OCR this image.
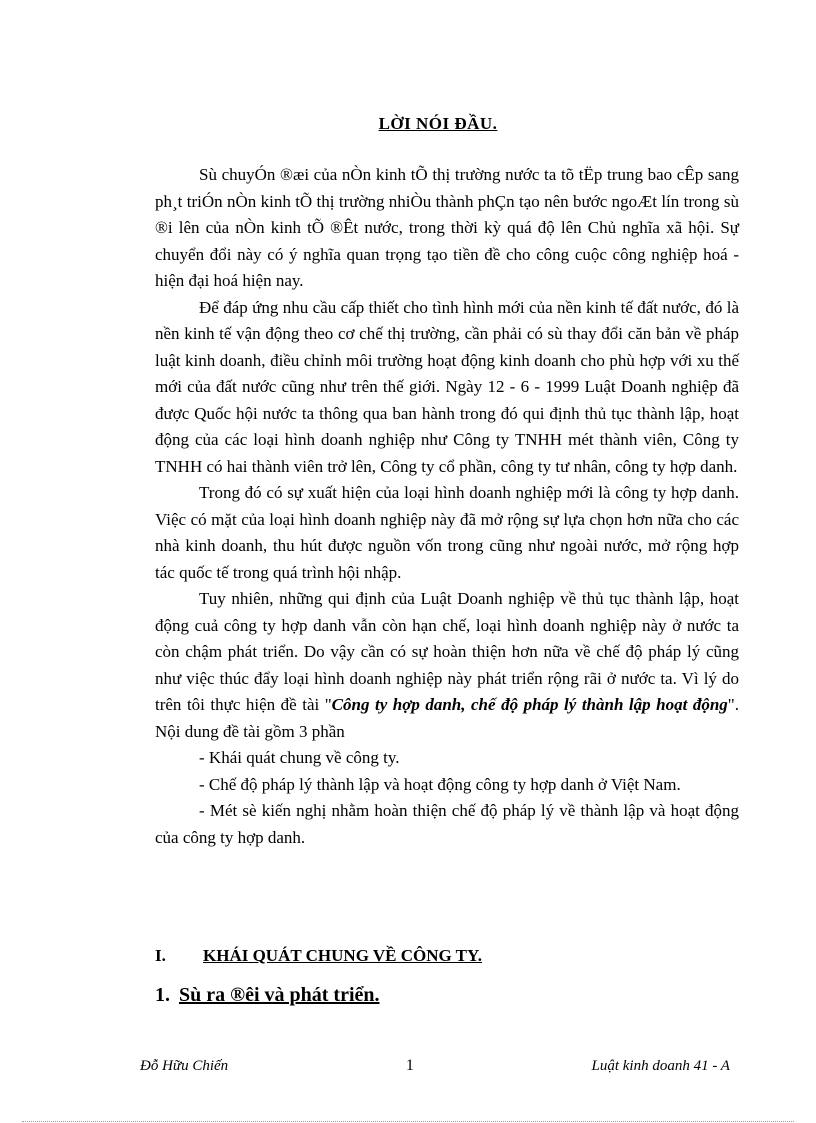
LỜI NÓI ĐẦU.

Sù chuyÓn ®æi của nÒn kinh tÕ thị trường nước ta tõ tËp trung bao cÊp sang ph¸t triÓn nÒn kinh tÕ thị trường nhiÒu thành phÇn tạo nên bước ngoÆt lín trong sù ®i lên của nÒn kinh tÕ ®Êt nước, trong thời kỳ quá độ lên Chủ nghĩa xã hội. Sự chuyển đổi này có ý nghĩa quan trọng tạo tiền đề cho công cuộc công nghiệp hoá - hiện đại hoá hiện nay.

Để đáp ứng nhu cầu cấp thiết cho tình hình mới của nền kinh tế đất nước, đó là nền kinh tế vận động theo cơ chế thị trường, cần phải có sù thay đổi căn bản về pháp luật kinh doanh, điều chỉnh môi trường hoạt động kinh doanh cho phù hợp với xu thế mới của đất nước cũng như trên thế giới. Ngày 12 - 6 - 1999 Luật Doanh nghiệp đã được Quốc hội nước ta thông qua ban hành trong đó qui định thủ tục thành lập, hoạt động của các loại hình doanh nghiệp như Công ty TNHH mét thành viên, Công ty TNHH có hai thành viên trở lên, Công ty cổ phần, công ty tư nhân, công ty hợp danh.

Trong đó có sự xuất hiện của loại hình doanh nghiệp mới là công ty hợp danh. Việc có mặt của loại hình doanh nghiệp này đã mở rộng sự lựa chọn hơn nữa cho các nhà kinh doanh, thu hút được nguồn vốn trong cũng như ngoài nước, mở rộng hợp tác quốc tế trong quá trình hội nhập.

Tuy nhiên, những qui định của Luật Doanh nghiệp về thủ tục thành lập, hoạt động cuả công ty hợp danh vẫn còn hạn chế, loại hình doanh nghiệp này ở nước ta còn chậm phát triển. Do vậy cần có sự hoàn thiện hơn nữa về chế độ pháp lý cũng như việc thúc đẩy loại hình doanh nghiệp này phát triển rộng rãi ở nước ta. Vì lý do trên tôi thực hiện đề tài "Công ty hợp danh, chế độ pháp lý thành lập hoạt động". Nội dung đề tài gồm 3 phần

- Khái quát chung về công ty.

- Chế độ pháp lý thành lập và hoạt động công ty hợp danh ở Việt Nam.

- Mét sè kiến nghị nhằm hoàn thiện chế độ pháp lý về thành lập và hoạt động của công ty hợp danh.

I. KHÁI QUÁT CHUNG VỀ CÔNG TY.
1. Sù ra ®êi và phát triển.
Đỗ Hữu Chiến	1	Luật kinh doanh 41 - A
